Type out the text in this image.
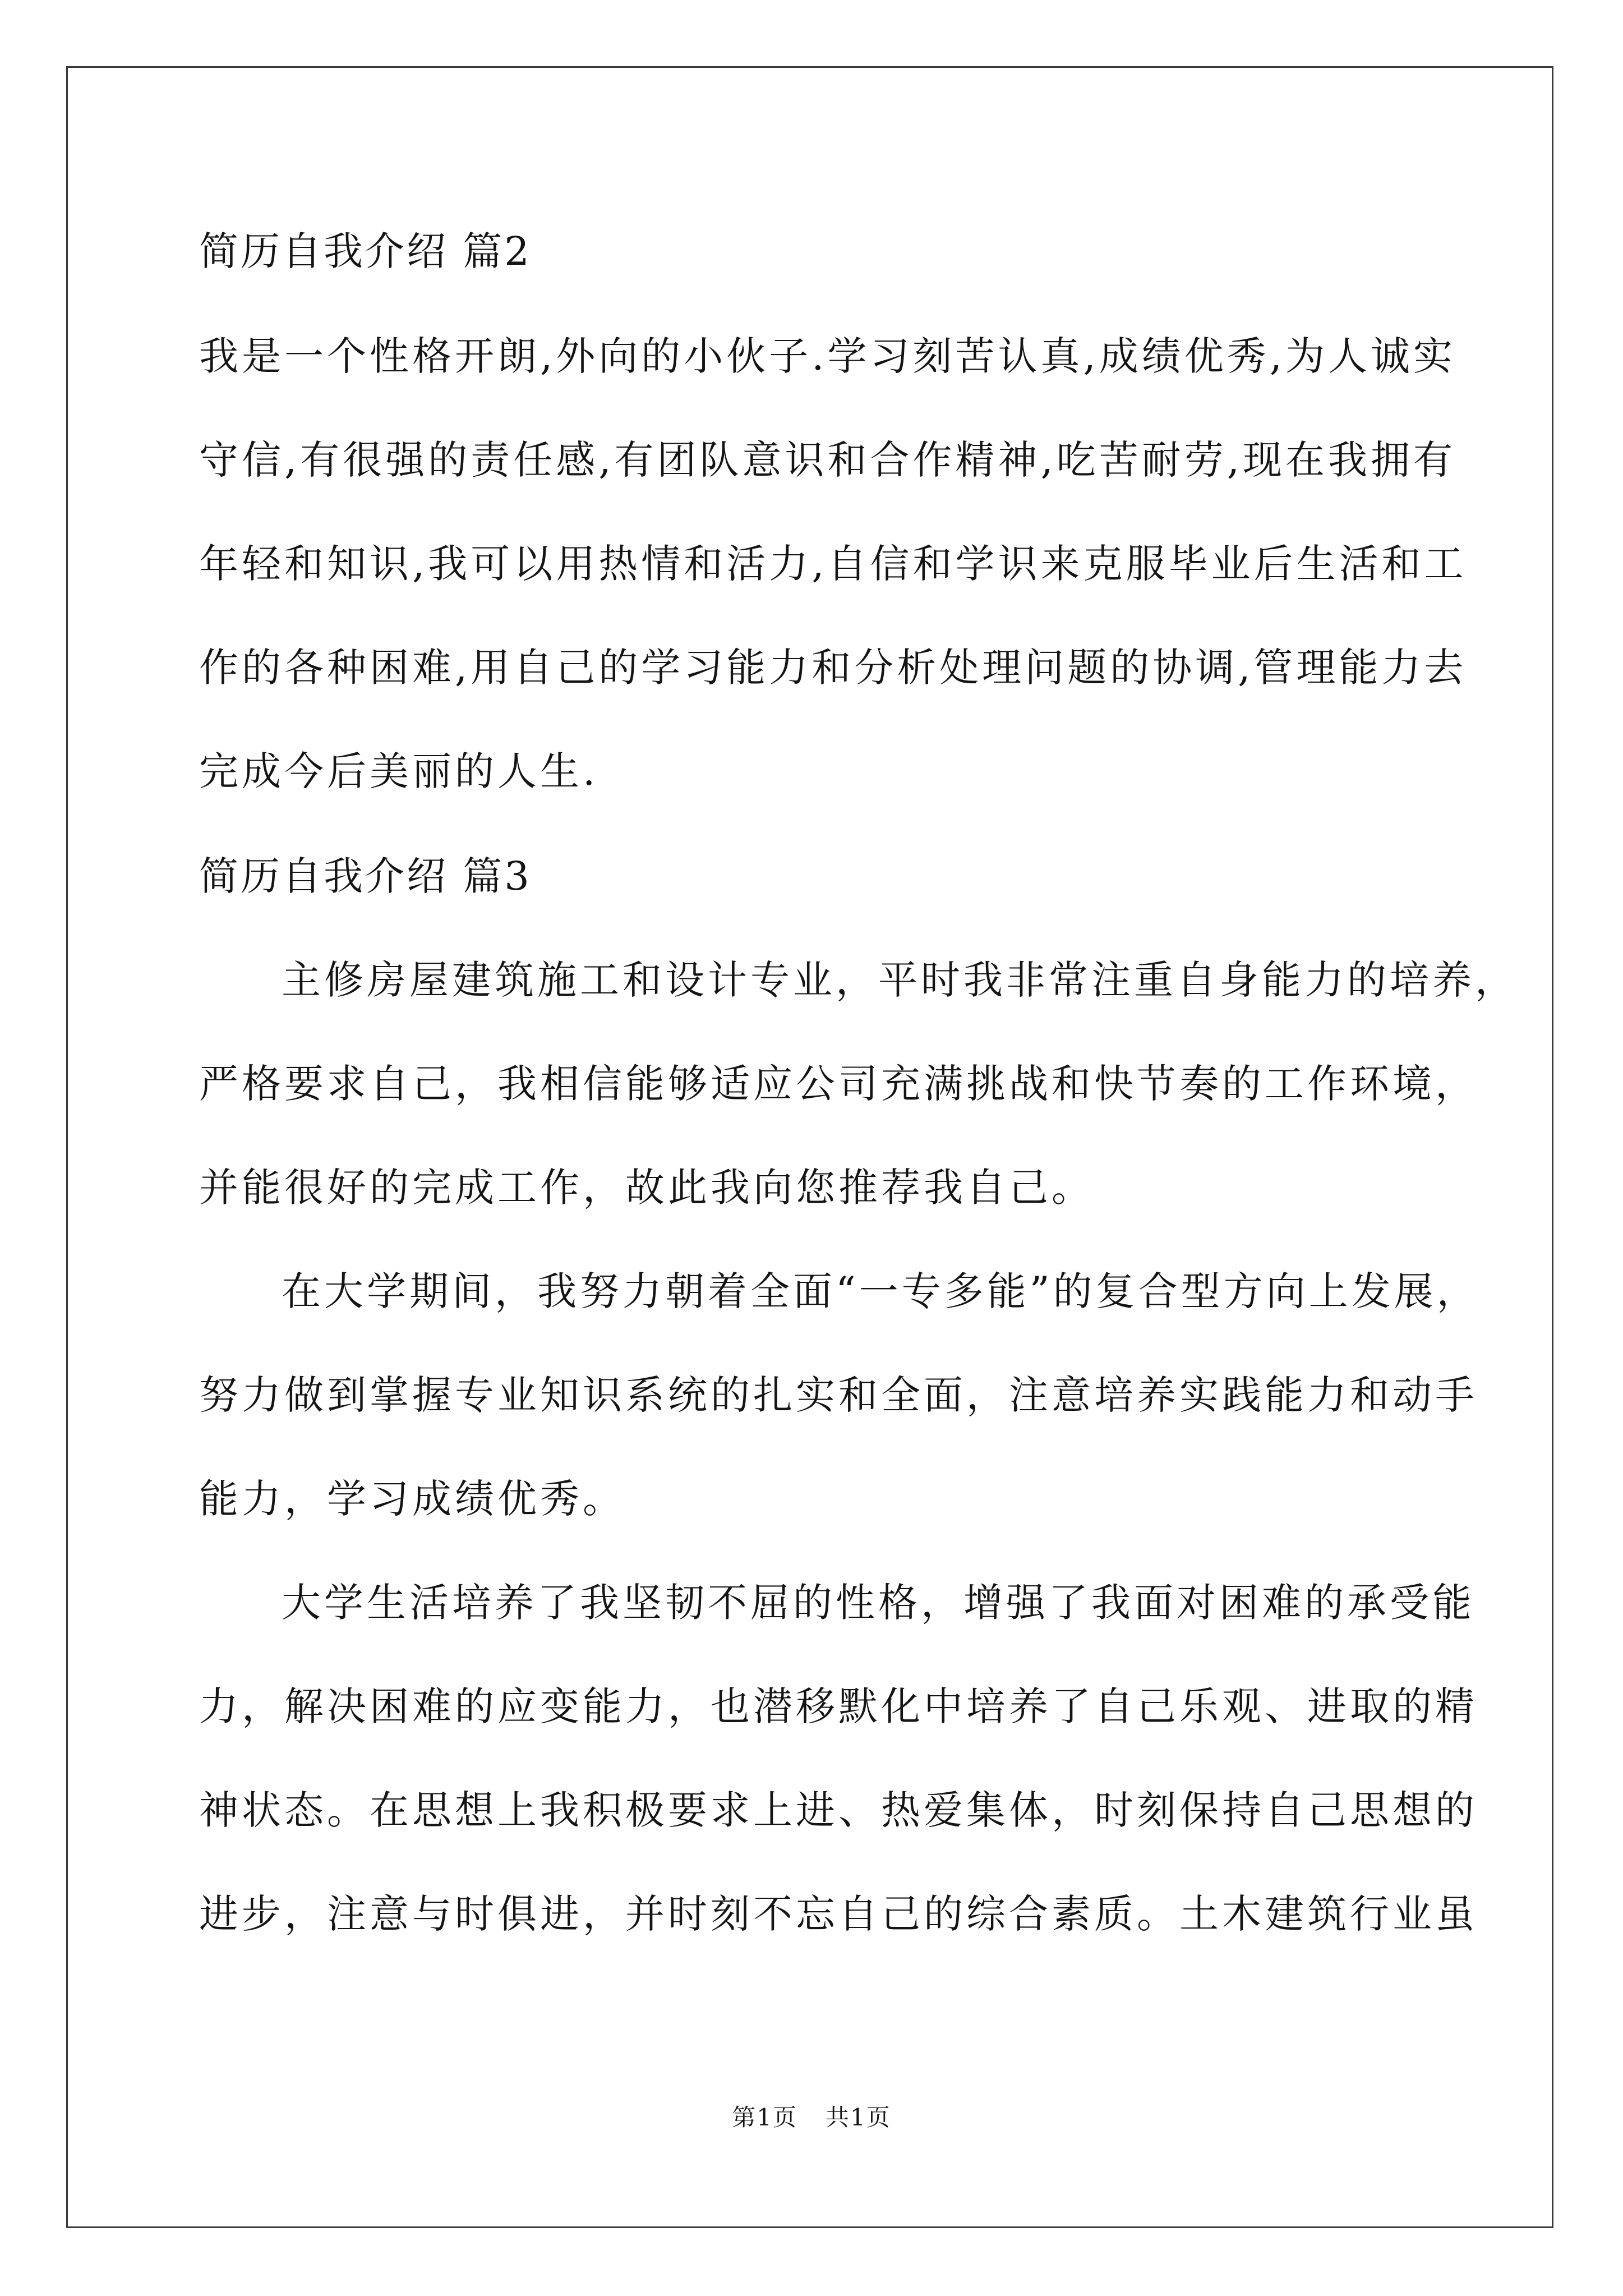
简历自我介绍 篇2
我是一个性格开朗,外向的小伙子.学习刻苦认真,成绩优秀,为人诚实
守信,有很强的责任感,有团队意识和合作精神,吃苦耐劳,现在我拥有
年轻和知识,我可以用热情和活力,自信和学识来克服毕业后生活和工
作的各种困难,用自己的学习能力和分析处理问题的协调,管理能力去
完成今后美丽的人生.
简历自我介绍 篇3
主修房屋建筑施工和设计专业，平时我非常注重自身能力的培养，
严格要求自己，我相信能够适应公司充满挑战和快节奏的工作环境，
并能很好的完成工作，故此我向您推荐我自己。
在大学期间，我努力朝着全面“一专多能”的复合型方向上发展，
努力做到掌握专业知识系统的扎实和全面，注意培养实践能力和动手
能力，学习成绩优秀。
大学生活培养了我坚韧不屈的性格，增强了我面对困难的承受能
力，解决困难的应变能力，也潜移默化中培养了自己乐观、进取的精
神状态。在思想上我积极要求上进、热爱集体，时刻保持自己思想的
进步，注意与时俱进，并时刻不忘自己的综合素质。土木建筑行业虽
第1页 共1页
